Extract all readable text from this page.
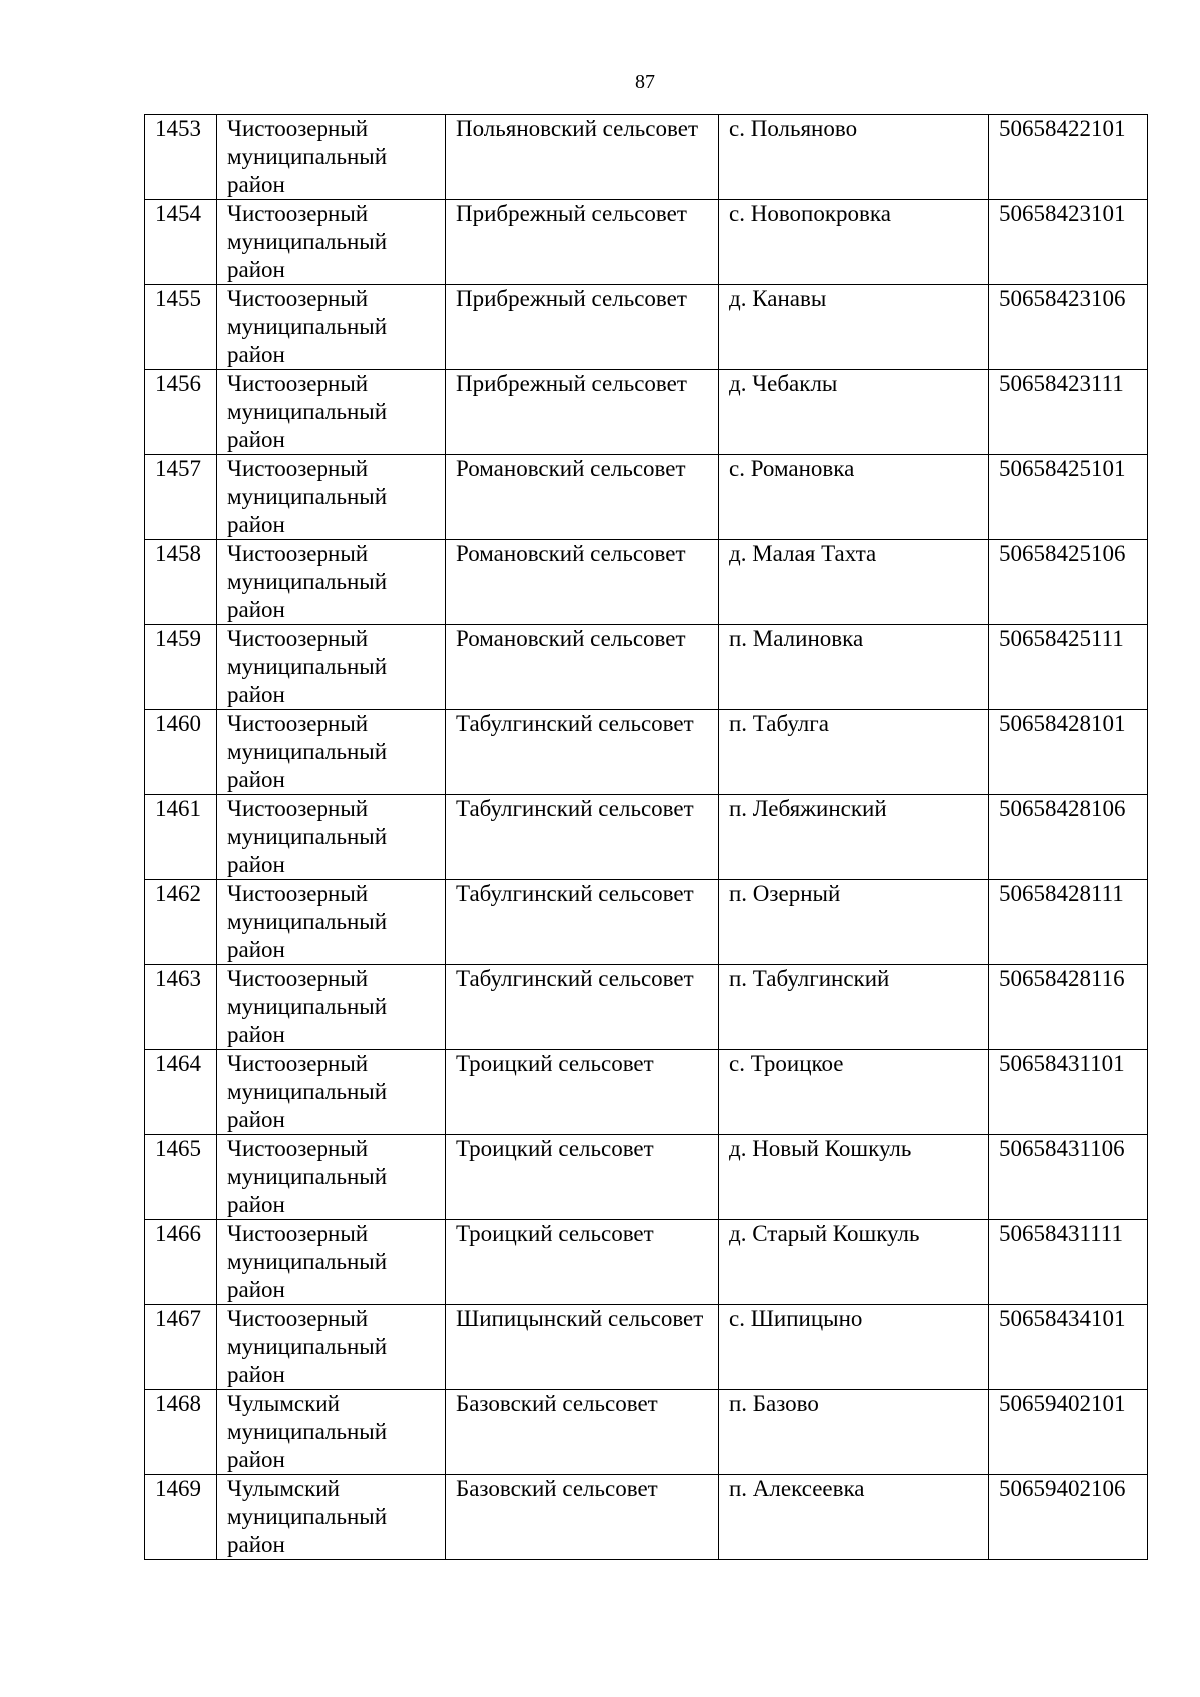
87
1453	Чистоозерный муниципальный район	Польяновский сельсовет	с. Польяново	50658422101
1454	Чистоозерный муниципальный район	Прибрежный сельсовет	с. Новопокровка	50658423101
1455	Чистоозерный муниципальный район	Прибрежный сельсовет	д. Канавы	50658423106
1456	Чистоозерный муниципальный район	Прибрежный сельсовет	д. Чебаклы	50658423111
1457	Чистоозерный муниципальный район	Романовский сельсовет	с. Романовка	50658425101
1458	Чистоозерный муниципальный район	Романовский сельсовет	д. Малая Тахта	50658425106
1459	Чистоозерный муниципальный район	Романовский сельсовет	п. Малиновка	50658425111
1460	Чистоозерный муниципальный район	Табулгинский сельсовет	п. Табулга	50658428101
1461	Чистоозерный муниципальный район	Табулгинский сельсовет	п. Лебяжинский	50658428106
1462	Чистоозерный муниципальный район	Табулгинский сельсовет	п. Озерный	50658428111
1463	Чистоозерный муниципальный район	Табулгинский сельсовет	п. Табулгинский	50658428116
1464	Чистоозерный муниципальный район	Троицкий сельсовет	с. Троицкое	50658431101
1465	Чистоозерный муниципальный район	Троицкий сельсовет	д. Новый Кошкуль	50658431106
1466	Чистоозерный муниципальный район	Троицкий сельсовет	д. Старый Кошкуль	50658431111
1467	Чистоозерный муниципальный район	Шипицынский сельсовет	с. Шипицыно	50658434101
1468	Чулымский муниципальный район	Базовский сельсовет	п. Базово	50659402101
1469	Чулымский муниципальный район	Базовский сельсовет	п. Алексеевка	50659402106
